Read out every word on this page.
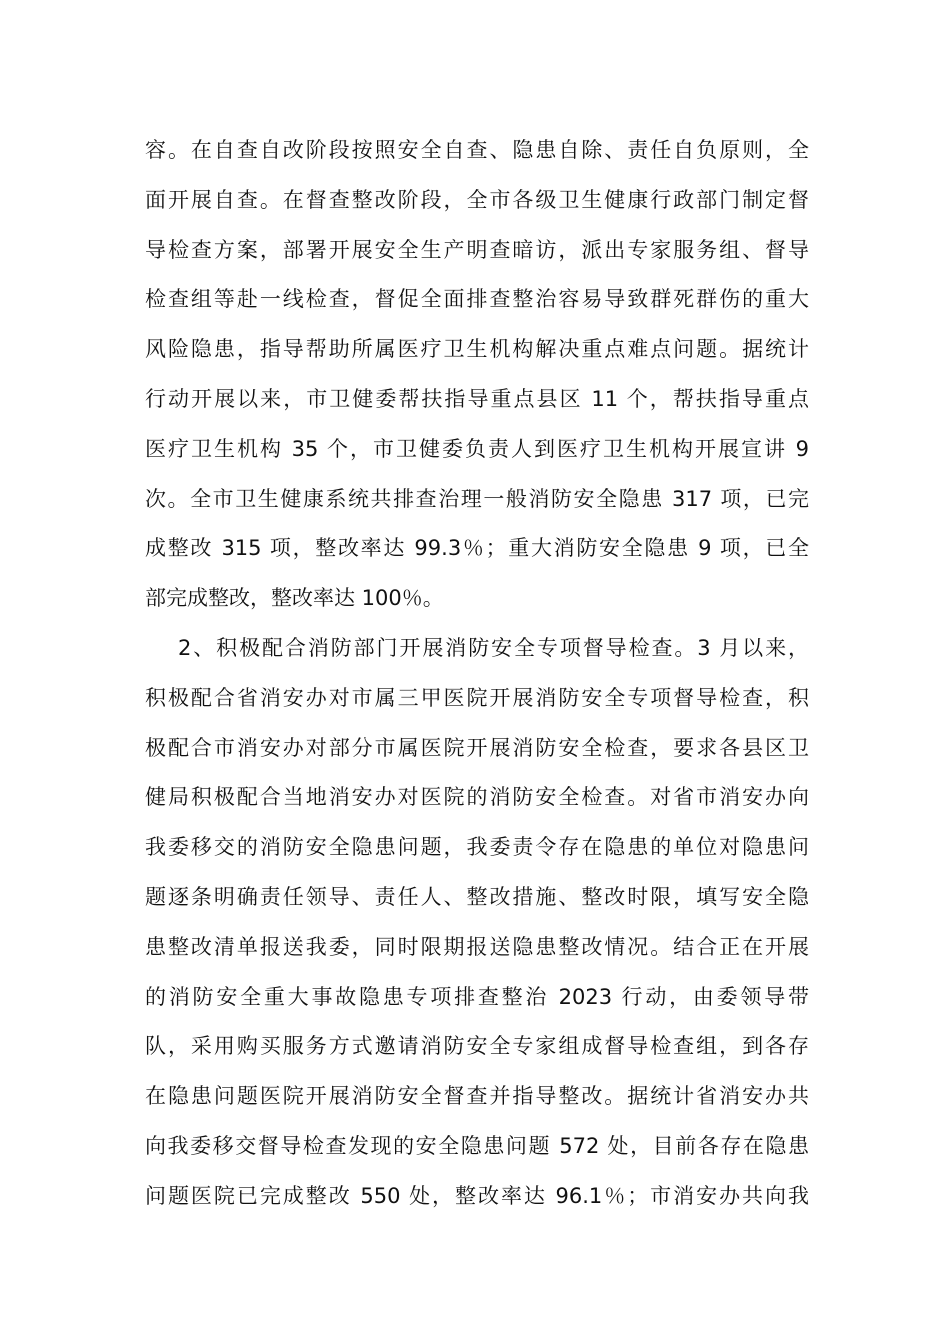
容。在自查自改阶段按照安全自查、隐患自除、责任自负原则，全
面开展自查。在督查整改阶段，全市各级卫生健康行政部门制定督
导检查方案，部署开展安全生产明查暗访，派出专家服务组、督导
检查组等赴一线检查，督促全面排查整治容易导致群死群伤的重大
风险隐患，指导帮助所属医疗卫生机构解决重点难点问题。据统计
行动开展以来，市卫健委帮扶指导重点县区 11 个，帮扶指导重点
医疗卫生机构 35 个，市卫健委负责人到医疗卫生机构开展宣讲 9
次。全市卫生健康系统共排查治理一般消防安全隐患 317 项，已完
成整改 315 项，整改率达 99.3％；重大消防安全隐患 9 项，已全
部完成整改，整改率达 100％。
2、积极配合消防部门开展消防安全专项督导检查。3 月以来，
积极配合省消安办对市属三甲医院开展消防安全专项督导检查，积
极配合市消安办对部分市属医院开展消防安全检查，要求各县区卫
健局积极配合当地消安办对医院的消防安全检查。对省市消安办向
我委移交的消防安全隐患问题，我委责令存在隐患的单位对隐患问
题逐条明确责任领导、责任人、整改措施、整改时限，填写安全隐
患整改清单报送我委，同时限期报送隐患整改情况。结合正在开展
的消防安全重大事故隐患专项排查整治 2023 行动，由委领导带
队，采用购买服务方式邀请消防安全专家组成督导检查组，到各存
在隐患问题医院开展消防安全督查并指导整改。据统计省消安办共
向我委移交督导检查发现的安全隐患问题 572 处，目前各存在隐患
问题医院已完成整改 550 处，整改率达 96.1％；市消安办共向我
